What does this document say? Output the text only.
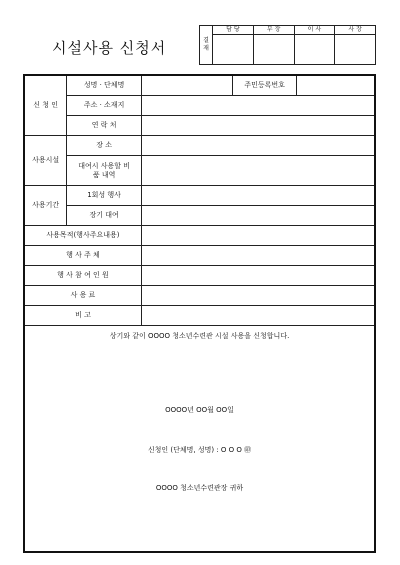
시설사용 신청서	결 재	담 당	부 장	이 사	사 장

신 청 인	성명 · 단체명		주민등록번호	
	주소 · 소재지			
	연 락 처			
사용시설	장 소			
	대여시 사용할 비품 내역			
사용기간	1회성 행사			
	장기 대여			
사용목적(행사주요내용)				
행 사 주 체				
행 사 참 여 인 원				
사 용 료				
비 고				

상기와 같이 OOOO 청소년수련관 시설 사용을 신청합니다.
OOOO년 OO월 OO일
신청인 (단체명, 성명) : O O O ㊞
OOOO 청소년수련관장 귀하				
